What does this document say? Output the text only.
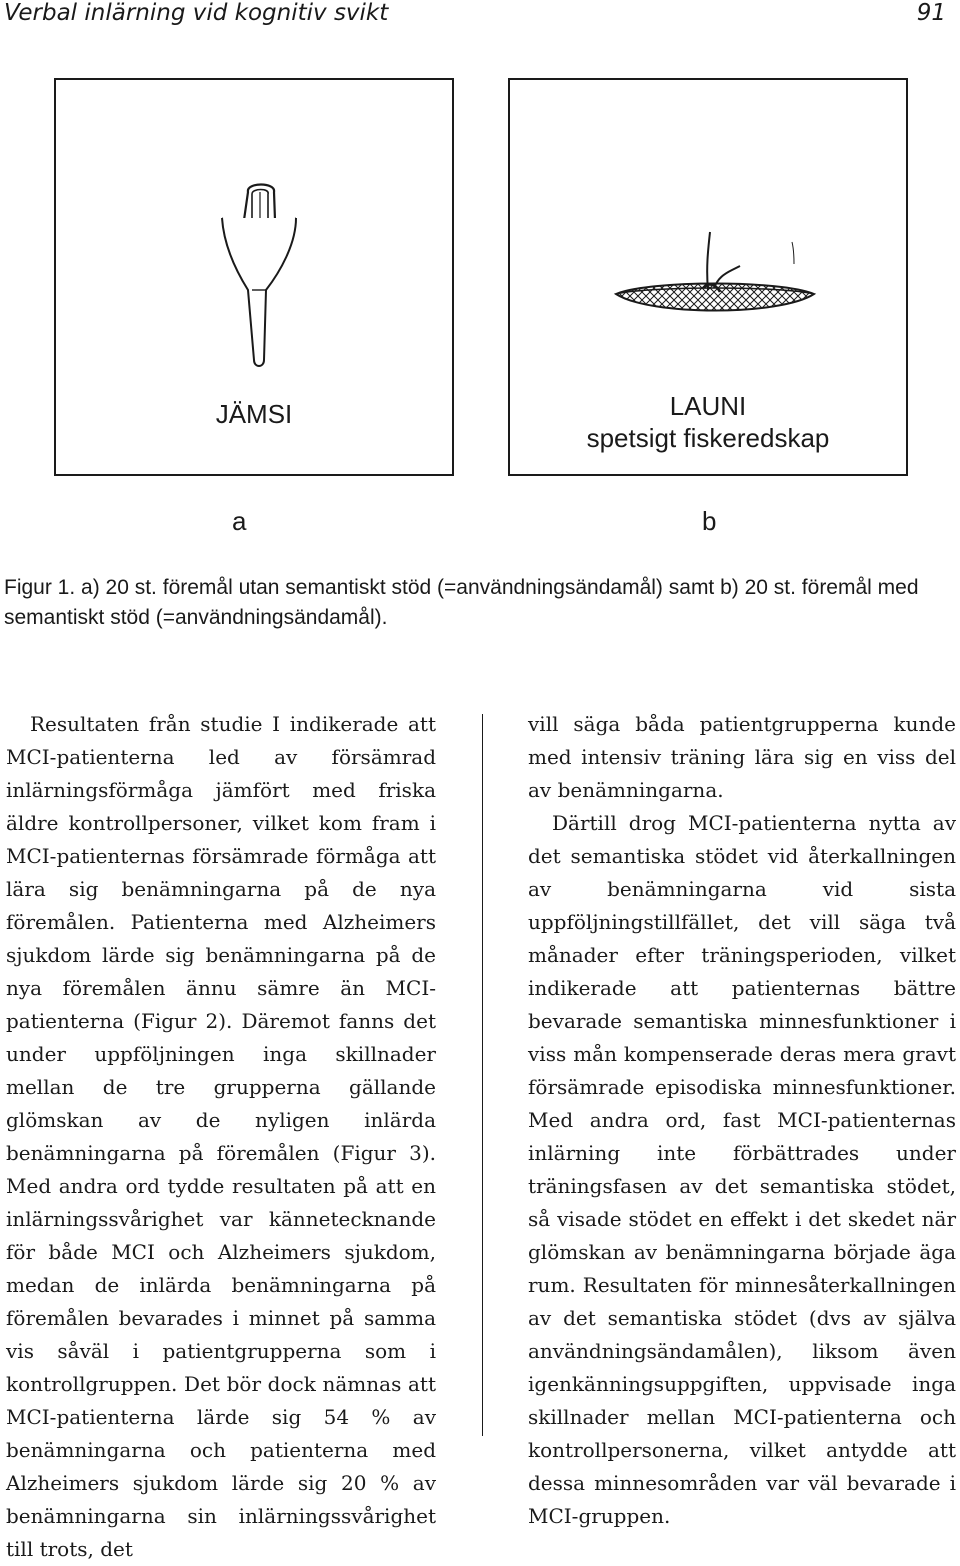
Verbal inlärning vid kognitiv svikt	91
JÄMSI	LAUNI
spetsigt fiskeredskap
a	b
Figur 1. a) 20 st. föremål utan semantiskt stöd (=användningsändamål) samt b) 20 st. föremål med semantiskt stöd (=användningsändamål).

Resultaten från studie I indikerade att MCI-patienterna led av försämrad inlärningsförmåga jämfört med friska äldre kontrollpersoner, vilket kom fram i MCI-patienternas försämrade förmåga att lära sig benämningarna på de nya föremålen. Patienterna med Alzheimers sjukdom lärde sig benämningarna på de nya föremålen ännu sämre än MCI-patienterna (Figur 2). Däremot fanns det under uppföljningen inga skillnader mellan de tre grupperna gällande glömskan av de nyligen inlärda benämningarna på föremålen (Figur 3). Med andra ord tydde resultaten på att en inlärningssvårighet var kännetecknande för både MCI och Alzheimers sjukdom, medan de inlärda benämningarna på föremålen bevarades i minnet på samma vis såväl i patientgrupperna som i kontrollgruppen. Det bör dock nämnas att MCI-patienterna lärde sig 54 % av benämningarna och patienterna med Alzheimers sjukdom lärde sig 20 % av benämningarna sin inlärningssvårighet till trots, det

vill säga båda patientgrupperna kunde med intensiv träning lära sig en viss del av benämningarna.

Därtill drog MCI-patienterna nytta av det semantiska stödet vid återkallningen av benämningarna vid sista uppföljningstillfället, det vill säga två månader efter träningsperioden, vilket indikerade att patienternas bättre bevarade semantiska minnesfunktioner i viss mån kompenserade deras mera gravt försämrade episodiska minnesfunktioner. Med andra ord, fast MCI-patienternas inlärning inte förbättrades under träningsfasen av det semantiska stödet, så visade stödet en effekt i det skedet när glömskan av benämningarna började äga rum. Resultaten för minnesåterkallningen av det semantiska stödet (dvs av själva användningsändamålen), liksom även igenkänningsuppgiften, uppvisade inga skillnader mellan MCI-patienterna och kontrollpersonerna, vilket antydde att dessa minnesområden var väl bevarade i MCI-gruppen.
